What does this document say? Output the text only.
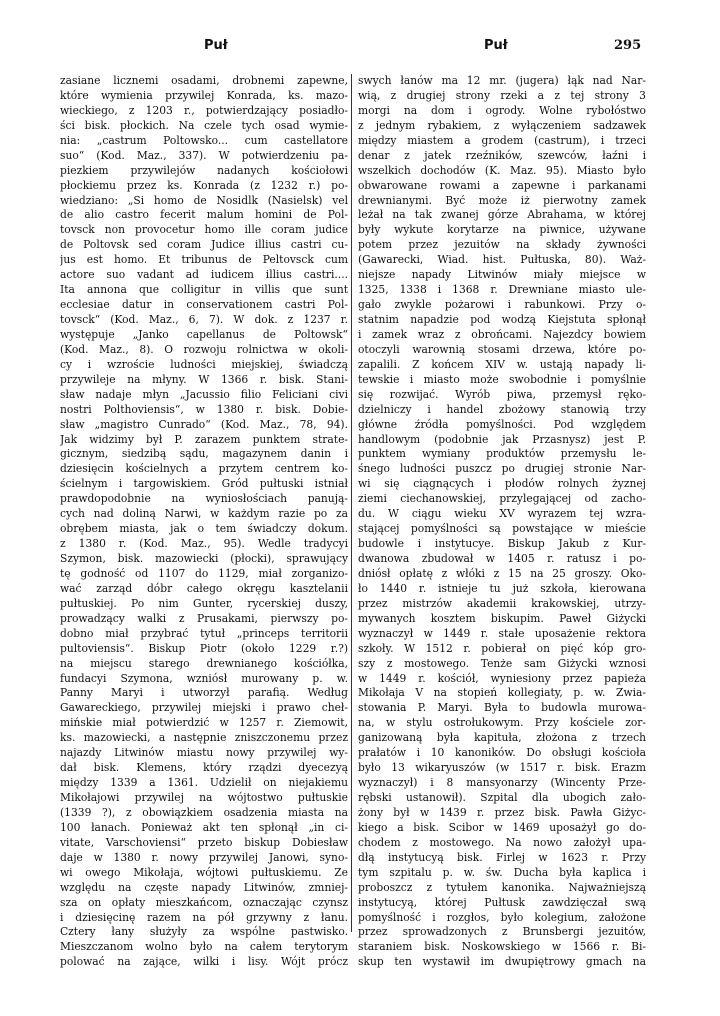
Puł	Puł	295
zasiane licznemi osadami, drobnemi zapewne,
które wymienia przywilej Konrada, ks. mazo-
wieckiego, z 1203 r., potwierdzający posiadło-
ści bisk. płockich. Na czele tych osad wymie-
nia: „castrum Poltowsko... cum castellatore
suo“ (Kod. Maz., 337). W potwierdzeniu pa-
piezkiem przywilejów nadanych kościołowi
płockiemu przez ks. Konrada (z 1232 r.) po-
wiedziano: „Si homo de Nosidlk (Nasielsk) vel
de alio castro fecerit malum homini de Pol-
tovsck non provocetur homo ille coram judice
de Poltovsk sed coram Judice illius castri cu-
jus est homo. Et tribunus de Peltovsck cum
actore suo vadant ad iudicem illius castri....
Ita annona que colligitur in villis que sunt
ecclesiae datur in conservationem castri Pol-
tovsck“ (Kod. Maz., 6, 7). W dok. z 1237 r.
występuje „Janko capellanus de Poltowsk“
(Kod. Maz., 8). O rozwoju rolnictwa w okoli-
cy i wzroście ludności miejskiej, świadczą
przywileje na młyny. W 1366 r. bisk. Stani-
sław nadaje młyn „Jacussio filio Feliciani civi
nostri Polthoviensis“, w 1380 r. bisk. Dobie-
sław „magistro Cunrado“ (Kod. Maz., 78, 94).
Jak widzimy był P. zarazem punktem strate-
gicznym, siedzibą sądu, magazynem danin i
dziesięcin kościelnych a przytem centrem ko-
ścielnym i targowiskiem. Gród pułtuski istniał
prawdopodobnie na wyniosłościach panują-
cych nad doliną Narwi, w każdym razie po za
obrębem miasta, jak o tem świadczy dokum.
z 1380 r. (Kod. Maz., 95). Wedle tradycyi
Szymon, bisk. mazowiecki (płocki), sprawujący
tę godność od 1107 do 1129, miał zorganizo-
wać zarząd dóbr całego okręgu kasztelanii
pułtuskiej. Po nim Gunter, rycerskiej duszy,
prowadzący walki z Prusakami, pierwszy po-
dobno miał przybrać tytuł „princeps territorii
pultoviensis“. Biskup Piotr (około 1229 r.?)
na miejscu starego drewnianego kościółka,
fundacyi Szymona, wzniósł murowany p. w.
Panny Maryi i utworzył parafią. Według
Gawareckiego, przywilej miejski i prawo cheł-
mińskie miał potwierdzić w 1257 r. Ziemowit,
ks. mazowiecki, a następnie zniszczonemu przez
najazdy Litwinów miastu nowy przywilej wy-
dał bisk. Klemens, który rządzi dyecezyą
między 1339 a 1361. Udzielił on niejakiemu
Mikołajowi przywilej na wójtostwo pułtuskie
(1339 ?), z obowiązkiem osadzenia miasta na
100 łanach. Ponieważ akt ten spłonął „in ci-
vitate, Varschoviensi“ przeto biskup Dobiesław
daje w 1380 r. nowy przywilej Janowi, syno-
wi owego Mikołaja, wójtowi pułtuskiemu. Ze
względu na częste napady Litwinów, zmniej-
sza on opłaty mieszkańcom, oznaczając czynsz
i dziesięcinę razem na pół grzywny z łanu.
Cztery łany służyły za wspólne pastwisko.
Mieszczanom wolno było na całem terytorym
polować na zające, wilki i lisy. Wójt prócz
swych łanów ma 12 mr. (jugera) łąk nad Nar-
wią, z drugiej strony rzeki a z tej strony 3
morgi na dom i ogrody. Wolne rybołóstwo
z jednym rybakiem, z wyłączeniem sadzawek
między miastem a grodem (castrum), i trzeci
denar z jatek rzeźników, szewców, łaźni i
wszelkich dochodów (K. Maz. 95). Miasto było
obwarowane rowami a zapewne i parkanami
drewnianymi. Być może iż pierwotny zamek
leżał na tak zwanej górze Abrahama, w której
były wykute korytarze na piwnice, używane
potem przez jezuitów na składy żywności
(Gawarecki, Wiad. hist. Pułtuska, 80). Waż-
niejsze napady Litwinów miały miejsce w
1325, 1338 i 1368 r. Drewniane miasto ule-
gało zwykle pożarowi i rabunkowi. Przy o-
statnim napadzie pod wodzą Kiejstuta spłonął
i zamek wraz z obrońcami. Najezdcy bowiem
otoczyli warownią stosami drzewa, które po-
zapalili. Z końcem XIV w. ustają napady li-
tewskie i miasto może swobodnie i pomyślnie
się rozwijać. Wyrób piwa, przemysł ręko-
dzielniczy i handel zbożowy stanowią trzy
główne źródła pomyślności. Pod względem
handlowym (podobnie jak Przasnysz) jest P.
punktem wymiany produktów przemysłu le-
śnego ludności puszcz po drugiej stronie Nar-
wi się ciągnących i płodów rolnych żyznej
ziemi ciechanowskiej, przylegającej od zacho-
du. W ciągu wieku XV wyrazem tej wzra-
stającej pomyślności są powstające w mieście
budowle i instytucye. Biskup Jakub z Kur-
dwanowa zbudował w 1405 r. ratusz i po-
dniósł opłatę z włóki z 15 na 25 groszy. Oko-
ło 1440 r. istnieje tu już szkoła, kierowana
przez mistrzów akademii krakowskiej, utrzy-
mywanych kosztem biskupim. Paweł Giżycki
wyznaczył w 1449 r. stałe uposażenie rektora
szkoły. W 1512 r. pobierał on pięć kóp gro-
szy z mostowego. Tenże sam Giżycki wznosi
w 1449 r. kościół, wyniesiony przez papieża
Mikołaja V na stopień kollegiaty, p. w. Zwia-
stowania P. Maryi. Była to budowla murowa-
na, w stylu ostrołukowym. Przy kościele zor-
ganizowaną była kapituła, złożona z trzech
prałatów i 10 kanoników. Do obsługi kościoła
było 13 wikaryuszów (w 1517 r. bisk. Erazm
wyznaczył) i 8 mansyonarzy (Wincenty Prze-
rębski ustanowił). Szpital dla ubogich zało-
żony był w 1439 r. przez bisk. Pawła Giżyc-
kiego a bisk. Scibor w 1469 uposażył go do-
chodem z mostowego. Na nowo założył upa-
dłą instytucyą bisk. Firlej w 1623 r. Przy
tym szpitalu p. w. św. Ducha była kaplica i
proboszcz z tytułem kanonika. Najważniejszą
instytucyą, której Pułtusk zawdzięczał swą
pomyślność i rozgłos, było kolegium, założone
przez sprowadzonych z Brunsbergi jezuitów,
staraniem bisk. Noskowskiego w 1566 r. Bi-
skup ten wystawił im dwupiętrowy gmach na
